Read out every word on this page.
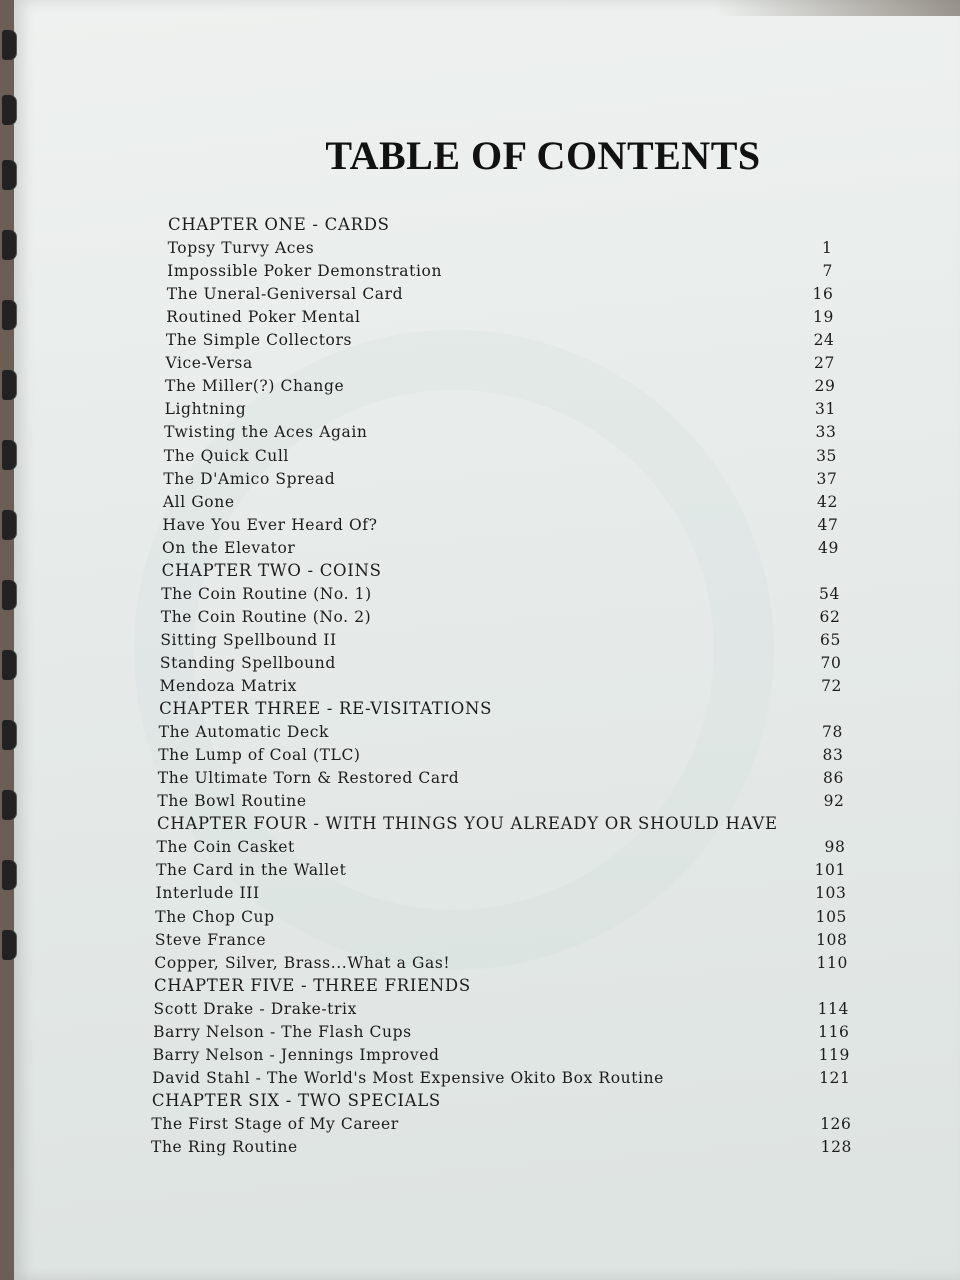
TABLE OF CONTENTS
CHAPTER ONE - CARDS
Topsy Turvy Aces	1
Impossible Poker Demonstration	7
The Uneral-Geniversal Card	16
Routined Poker Mental	19
The Simple Collectors	24
Vice-Versa	27
The Miller(?) Change	29
Lightning	31
Twisting the Aces Again	33
The Quick Cull	35
The D'Amico Spread	37
All Gone	42
Have You Ever Heard Of?	47
On the Elevator	49
CHAPTER TWO - COINS
The Coin Routine (No. 1)	54
The Coin Routine (No. 2)	62
Sitting Spellbound II	65
Standing Spellbound	70
Mendoza Matrix	72
CHAPTER THREE - RE-VISITATIONS
The Automatic Deck	78
The Lump of Coal (TLC)	83
The Ultimate Torn & Restored Card	86
The Bowl Routine	92
CHAPTER FOUR - WITH THINGS YOU ALREADY OR SHOULD HAVE
The Coin Casket	98
The Card in the Wallet	101
Interlude III	103
The Chop Cup	105
Steve France	108
Copper, Silver, Brass...What a Gas!	110
CHAPTER FIVE - THREE FRIENDS
Scott Drake - Drake-trix	114
Barry Nelson - The Flash Cups	116
Barry Nelson - Jennings Improved	119
David Stahl - The World's Most Expensive Okito Box Routine	121
CHAPTER SIX - TWO SPECIALS
The First Stage of My Career	126
The Ring Routine	128
